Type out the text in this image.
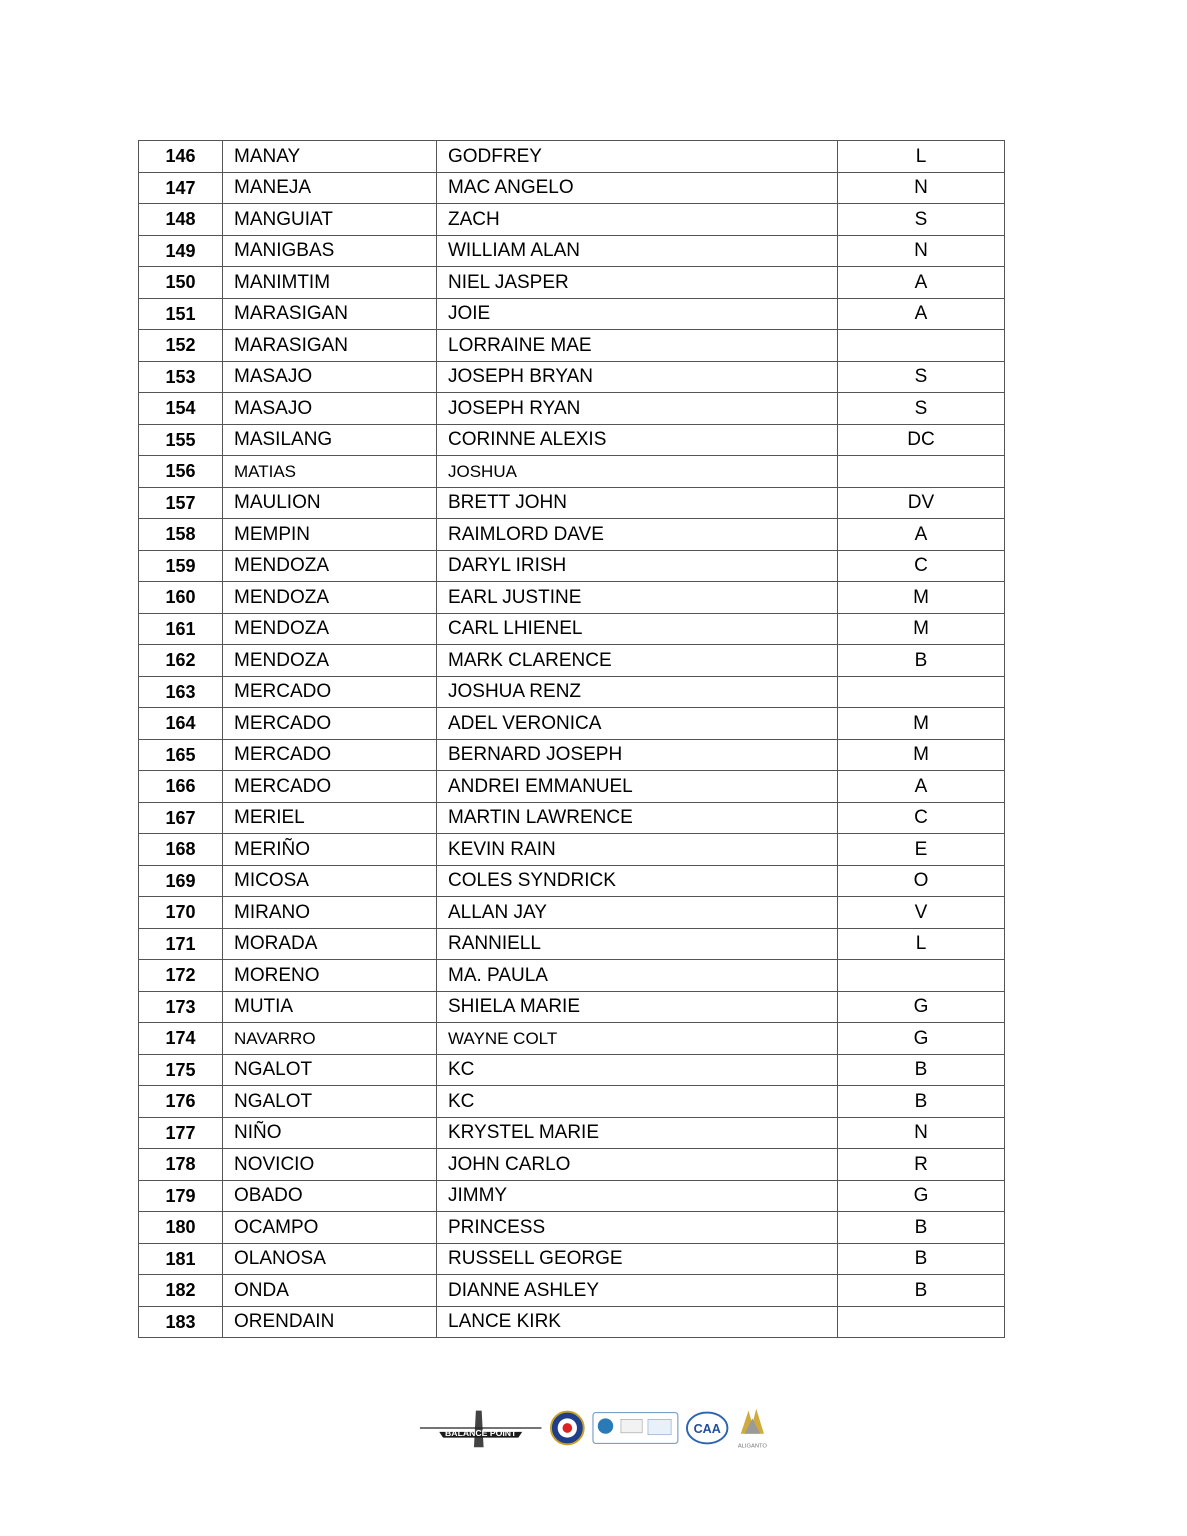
146	MANAY	GODFREY	L
147	MANEJA	MAC ANGELO	N
148	MANGUIAT	ZACH	S
149	MANIGBAS	WILLIAM ALAN	N
150	MANIMTIM	NIEL JASPER	A
151	MARASIGAN	JOIE	A
152	MARASIGAN	LORRAINE MAE	
153	MASAJO	JOSEPH BRYAN	S
154	MASAJO	JOSEPH RYAN	S
155	MASILANG	CORINNE ALEXIS	DC
156	MATIAS	JOSHUA	
157	MAULION	BRETT JOHN	DV
158	MEMPIN	RAIMLORD DAVE	A
159	MENDOZA	DARYL IRISH	C
160	MENDOZA	EARL JUSTINE	M
161	MENDOZA	CARL LHIENEL	M
162	MENDOZA	MARK CLARENCE	B
163	MERCADO	JOSHUA RENZ	
164	MERCADO	ADEL VERONICA	M
165	MERCADO	BERNARD JOSEPH	M
166	MERCADO	ANDREI EMMANUEL	A
167	MERIEL	MARTIN LAWRENCE	C
168	MERIÑO	KEVIN RAIN	E
169	MICOSA	COLES SYNDRICK	O
170	MIRANO	ALLAN JAY	V
171	MORADA	RANNIELL	L
172	MORENO	MA. PAULA	
173	MUTIA	SHIELA MARIE	G
174	NAVARRO	WAYNE COLT	G
175	NGALOT	KC	B
176	NGALOT	KC	B
177	NIÑO	KRYSTEL MARIE	N
178	NOVICIO	JOHN CARLO	R
179	OBADO	JIMMY	G
180	OCAMPO	PRINCESS	B
181	OLANOSA	RUSSELL GEORGE	B
182	ONDA	DIANNE ASHLEY	B
183	ORENDAIN	LANCE KIRK	
BALANCE POINT	CAA
ALIGANTO
